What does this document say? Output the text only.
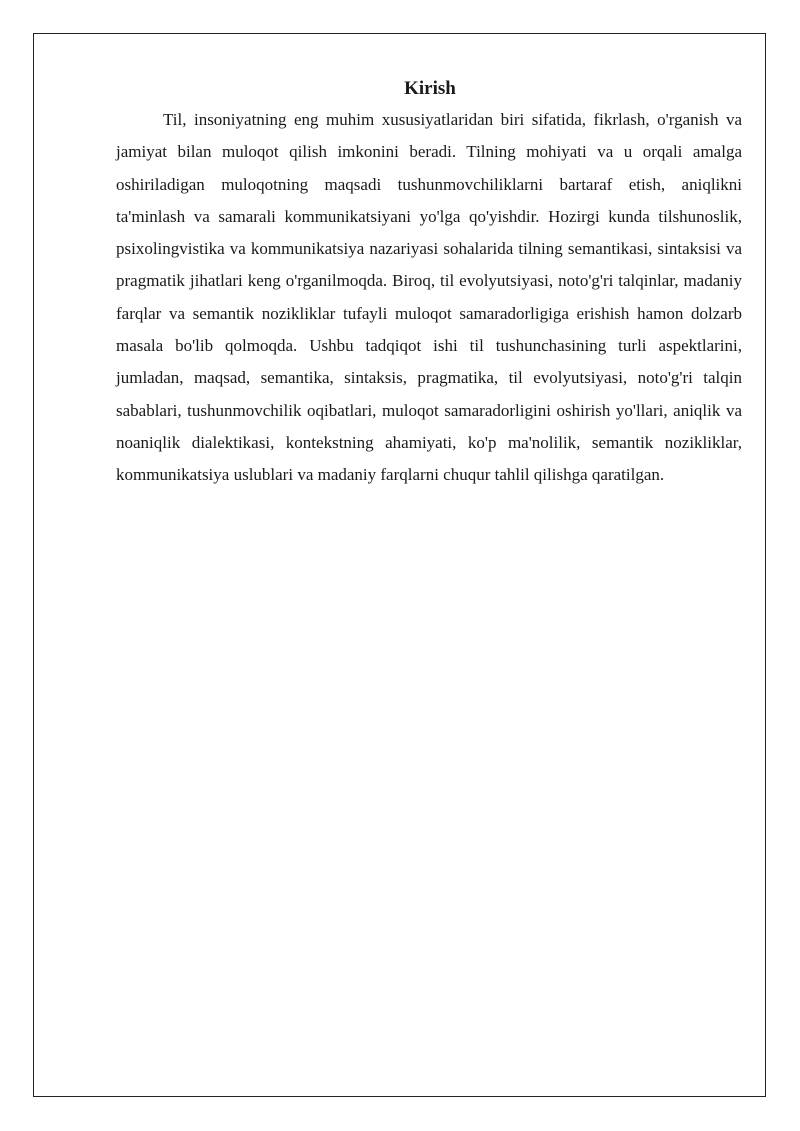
Kirish

Til, insoniyatning eng muhim xususiyatlaridan biri sifatida, fikrlash, o'rganish va jamiyat bilan muloqot qilish imkonini beradi. Tilning mohiyati va u orqali amalga oshiriladigan muloqotning maqsadi tushunmovchiliklarni bartaraf etish, aniqlikni ta'minlash va samarali kommunikatsiyani yo'lga qo'yishdir. Hozirgi kunda tilshunoslik, psixolingvistika va kommunikatsiya nazariyasi sohalarida tilning semantikasi, sintaksisi va pragmatik jihatlari keng o'rganilmoqda. Biroq, til evolyutsiyasi, noto'g'ri talqinlar, madaniy farqlar va semantik nozikliklar tufayli muloqot samaradorligiga erishish hamon dolzarb masala bo'lib qolmoqda. Ushbu tadqiqot ishi til tushunchasining turli aspektlarini, jumladan, maqsad, semantika, sintaksis, pragmatika, til evolyutsiyasi, noto'g'ri talqin sabablari, tushunmovchilik oqibatlari, muloqot samaradorligini oshirish yo'llari, aniqlik va noaniqlik dialektikasi, kontekstning ahamiyati, ko'p ma'nolilik, semantik nozikliklar, kommunikatsiya uslublari va madaniy farqlarni chuqur tahlil qilishga qaratilgan.
